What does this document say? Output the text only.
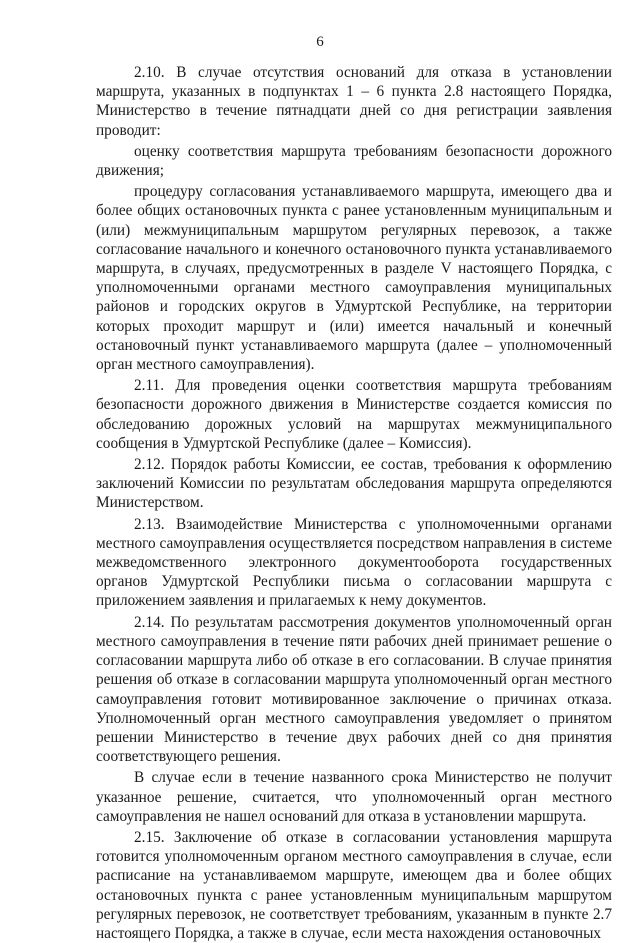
6

2.10. В случае отсутствия оснований для отказа в установлении маршрута, указанных в подпунктах 1 – 6 пункта 2.8 настоящего Порядка, Министерство в течение пятнадцати дней со дня регистрации заявления проводит:

оценку соответствия маршрута требованиям безопасности дорожного движения;

процедуру согласования устанавливаемого маршрута, имеющего два и более общих остановочных пункта с ранее установленным муниципальным и (или) межмуниципальным маршрутом регулярных перевозок, а также согласование начального и конечного остановочного пункта устанавливаемого маршрута, в случаях, предусмотренных в разделе V настоящего Порядка, с уполномоченными органами местного самоуправления муниципальных районов и городских округов в Удмуртской Республике, на территории которых проходит маршрут и (или) имеется начальный и конечный остановочный пункт устанавливаемого маршрута (далее – уполномоченный орган местного самоуправления).

2.11. Для проведения оценки соответствия маршрута требованиям безопасности дорожного движения в Министерстве создается комиссия по обследованию дорожных условий на маршрутах межмуниципального сообщения в Удмуртской Республике (далее – Комиссия).

2.12. Порядок работы Комиссии, ее состав, требования к оформлению заключений Комиссии по результатам обследования маршрута определяются Министерством.

2.13. Взаимодействие Министерства с уполномоченными органами местного самоуправления осуществляется посредством направления в системе межведомственного электронного документооборота государственных органов Удмуртской Республики письма о согласовании маршрута с приложением заявления и прилагаемых к нему документов.

2.14. По результатам рассмотрения документов уполномоченный орган местного самоуправления в течение пяти рабочих дней принимает решение о согласовании маршрута либо об отказе в его согласовании. В случае принятия решения об отказе в согласовании маршрута уполномоченный орган местного самоуправления готовит мотивированное заключение о причинах отказа. Уполномоченный орган местного самоуправления уведомляет о принятом решении Министерство в течение двух рабочих дней со дня принятия соответствующего решения.

В случае если в течение названного срока Министерство не получит указанное решение, считается, что уполномоченный орган местного самоуправления не нашел оснований для отказа в установлении маршрута.

2.15. Заключение об отказе в согласовании установления маршрута готовится уполномоченным органом местного самоуправления в случае, если расписание на устанавливаемом маршруте, имеющем два и более общих остановочных пункта с ранее установленным муниципальным маршрутом регулярных перевозок, не соответствует требованиям, указанным в пункте 2.7 настоящего Порядка, а также в случае, если места нахождения остановочных
